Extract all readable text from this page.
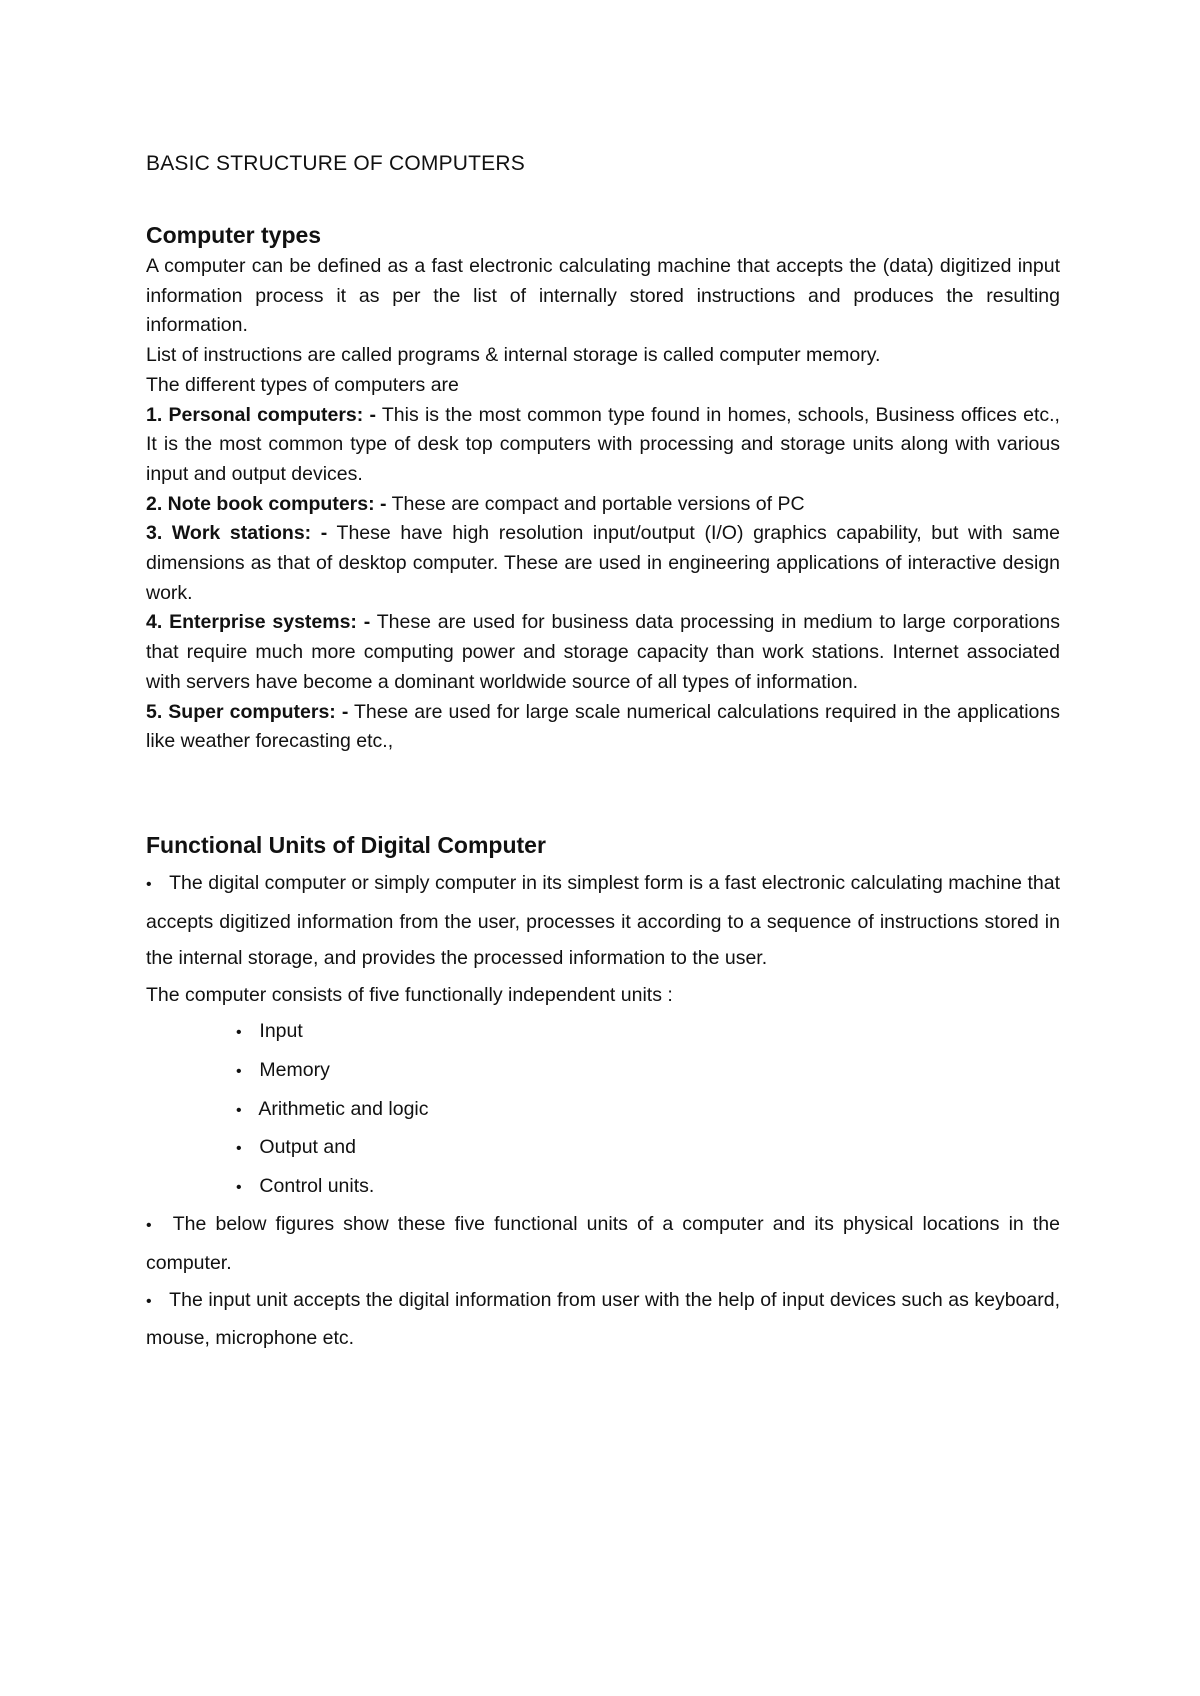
BASIC STRUCTURE OF COMPUTERS
Computer types

A computer can be defined as a fast electronic calculating machine that accepts the (data) digitized input information process it as per the list of internally stored instructions and produces the resulting information.

List of instructions are called programs & internal storage is called computer memory.

The different types of computers are

1. Personal computers: - This is the most common type found in homes, schools, Business offices etc., It is the most common type of desk top computers with processing and storage units along with various input and output devices.

2. Note book computers: - These are compact and portable versions of PC

3. Work stations: - These have high resolution input/output (I/O) graphics capability, but with same dimensions as that of desktop computer. These are used in engineering applications of interactive design work.

4. Enterprise systems: - These are used for business data processing in medium to large corporations that require much more computing power and storage capacity than work stations. Internet associated with servers have become a dominant worldwide source of all types of information.

5. Super computers: - These are used for large scale numerical calculations required in the applications like weather forecasting etc.,

Functional Units of Digital Computer

• The digital computer or simply computer in its simplest form is a fast electronic calculating machine that accepts digitized information from the user, processes it according to a sequence of instructions stored in the internal storage, and provides the processed information to the user.

The computer consists of five functionally independent units :

• Input
• Memory
• Arithmetic and logic
• Output and
• Control units.

• The below figures show these five functional units of a computer and its physical locations in the computer.

• The input unit accepts the digital information from user with the help of input devices such as keyboard, mouse, microphone etc.
